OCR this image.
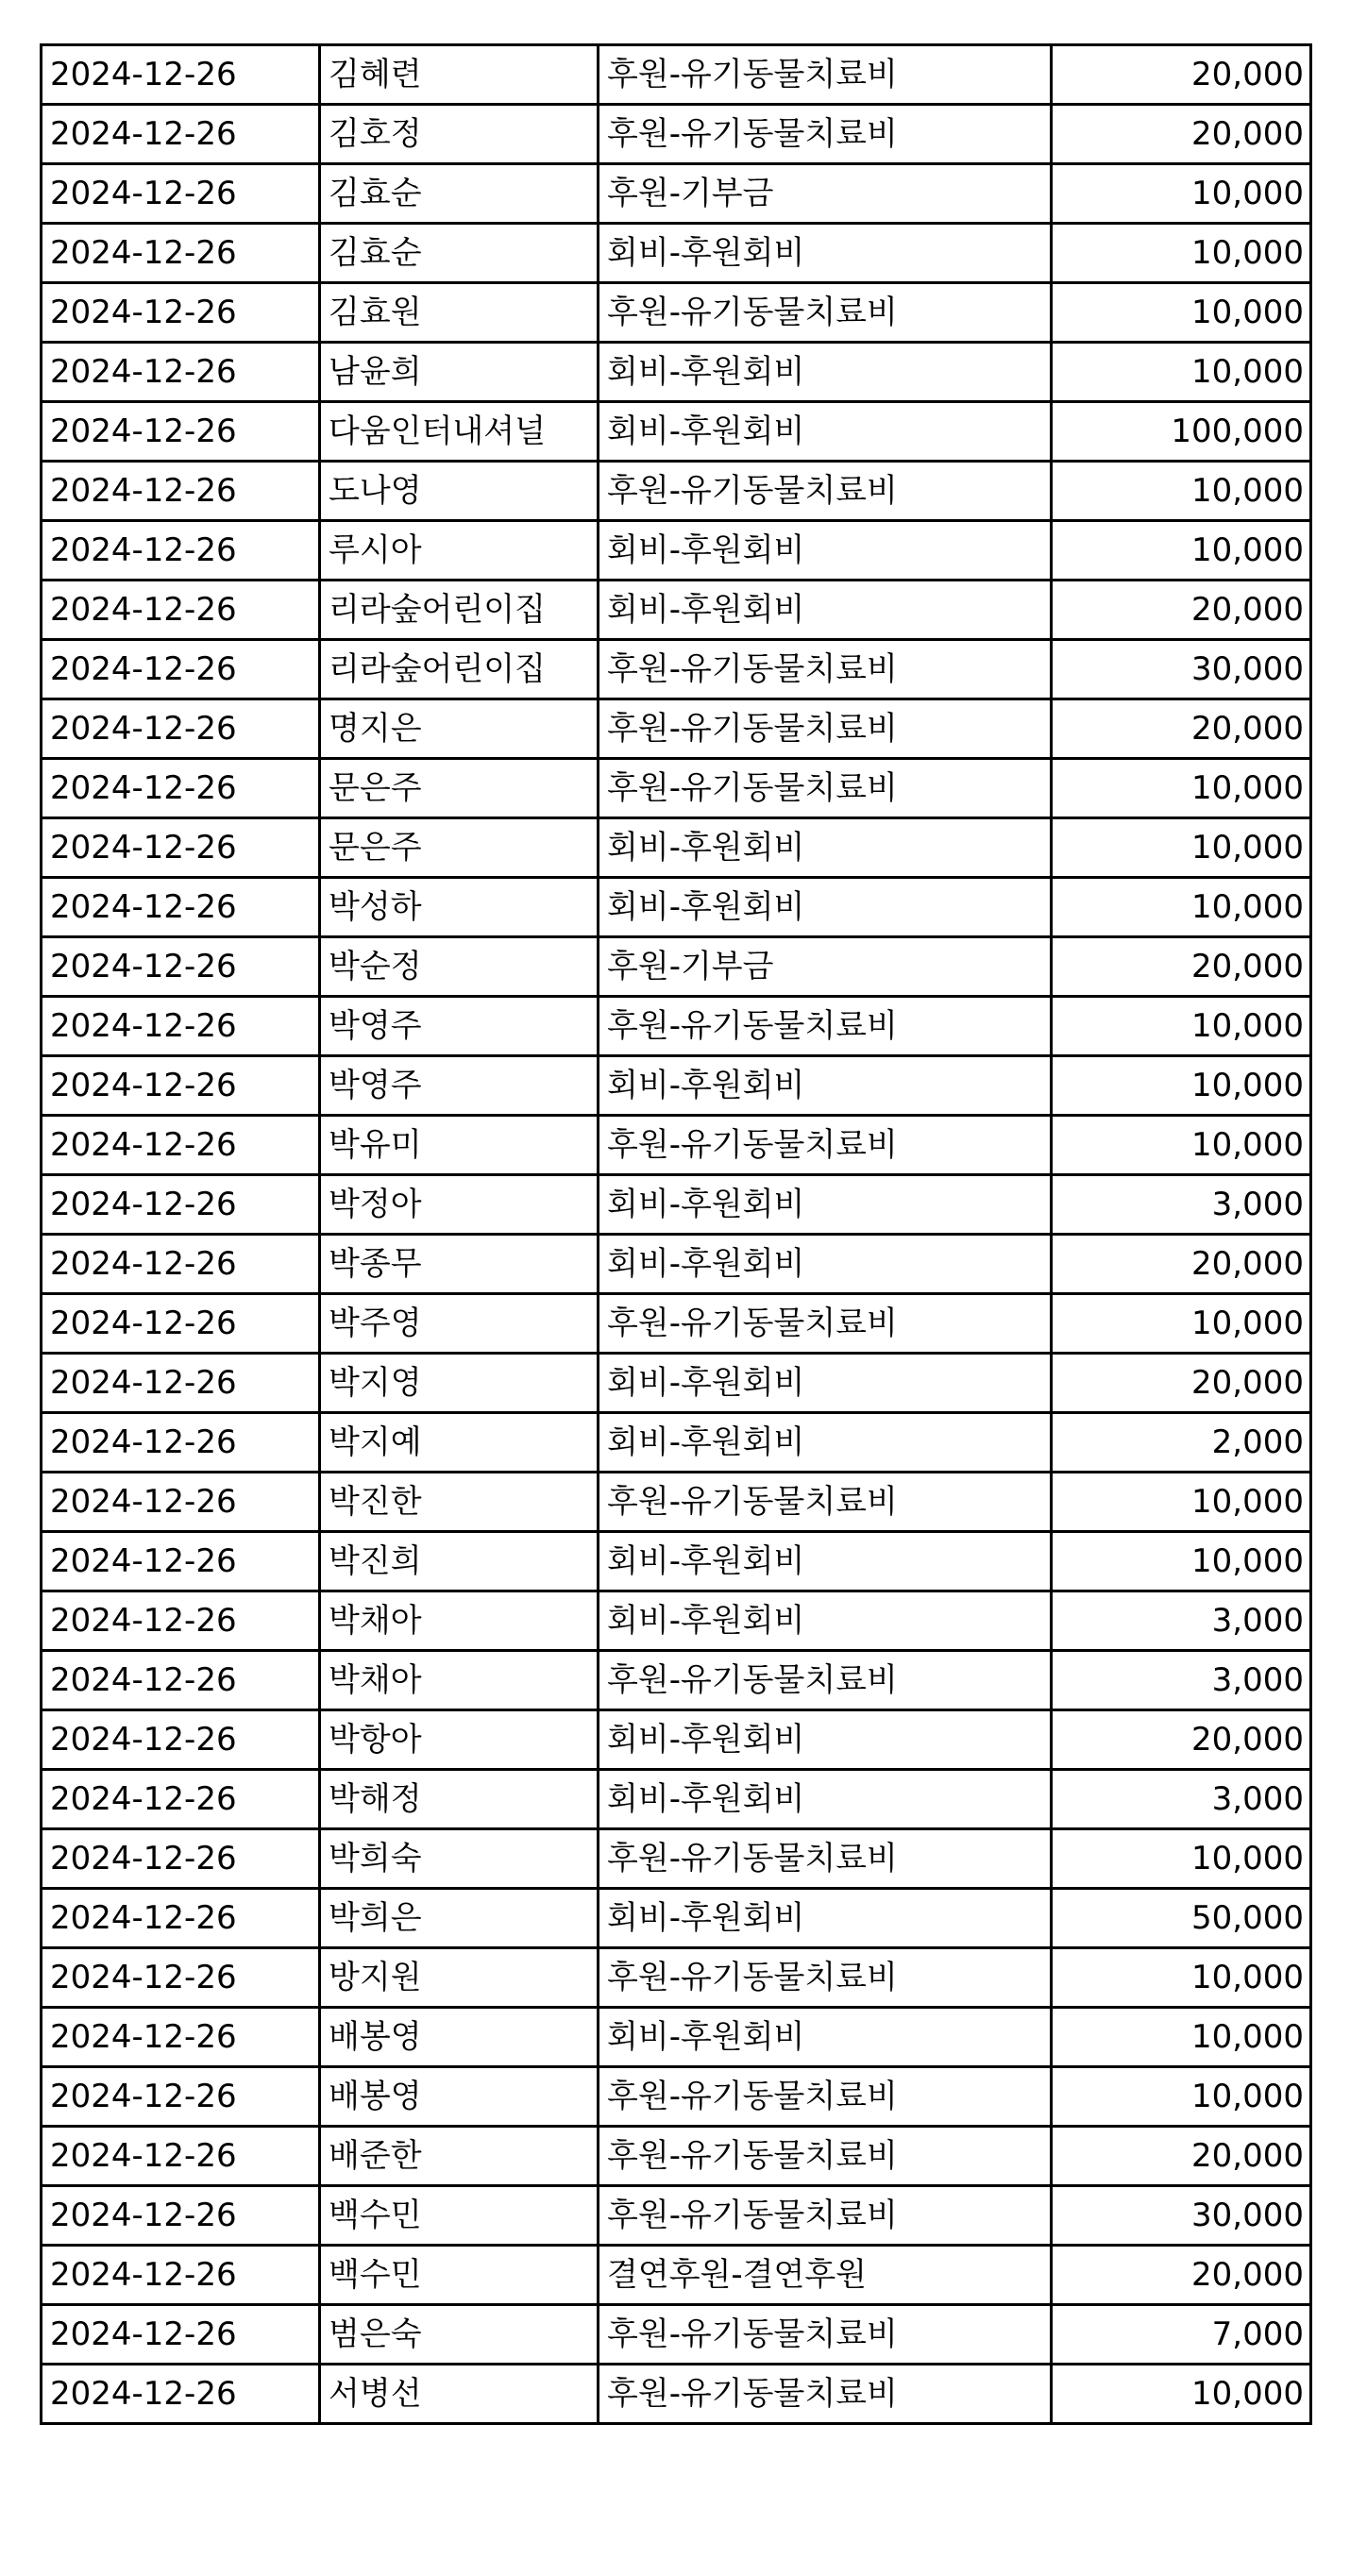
2024-12-26	김혜련	후원-유기동물치료비	20,000
2024-12-26	김호정	후원-유기동물치료비	20,000
2024-12-26	김효순	후원-기부금	10,000
2024-12-26	김효순	회비-후원회비	10,000
2024-12-26	김효원	후원-유기동물치료비	10,000
2024-12-26	남윤희	회비-후원회비	10,000
2024-12-26	다움인터내셔널	회비-후원회비	100,000
2024-12-26	도나영	후원-유기동물치료비	10,000
2024-12-26	루시아	회비-후원회비	10,000
2024-12-26	리라숲어린이집	회비-후원회비	20,000
2024-12-26	리라숲어린이집	후원-유기동물치료비	30,000
2024-12-26	명지은	후원-유기동물치료비	20,000
2024-12-26	문은주	후원-유기동물치료비	10,000
2024-12-26	문은주	회비-후원회비	10,000
2024-12-26	박성하	회비-후원회비	10,000
2024-12-26	박순정	후원-기부금	20,000
2024-12-26	박영주	후원-유기동물치료비	10,000
2024-12-26	박영주	회비-후원회비	10,000
2024-12-26	박유미	후원-유기동물치료비	10,000
2024-12-26	박정아	회비-후원회비	3,000
2024-12-26	박종무	회비-후원회비	20,000
2024-12-26	박주영	후원-유기동물치료비	10,000
2024-12-26	박지영	회비-후원회비	20,000
2024-12-26	박지예	회비-후원회비	2,000
2024-12-26	박진한	후원-유기동물치료비	10,000
2024-12-26	박진희	회비-후원회비	10,000
2024-12-26	박채아	회비-후원회비	3,000
2024-12-26	박채아	후원-유기동물치료비	3,000
2024-12-26	박항아	회비-후원회비	20,000
2024-12-26	박해정	회비-후원회비	3,000
2024-12-26	박희숙	후원-유기동물치료비	10,000
2024-12-26	박희은	회비-후원회비	50,000
2024-12-26	방지원	후원-유기동물치료비	10,000
2024-12-26	배봉영	회비-후원회비	10,000
2024-12-26	배봉영	후원-유기동물치료비	10,000
2024-12-26	배준한	후원-유기동물치료비	20,000
2024-12-26	백수민	후원-유기동물치료비	30,000
2024-12-26	백수민	결연후원-결연후원	20,000
2024-12-26	범은숙	후원-유기동물치료비	7,000
2024-12-26	서병선	후원-유기동물치료비	10,000
